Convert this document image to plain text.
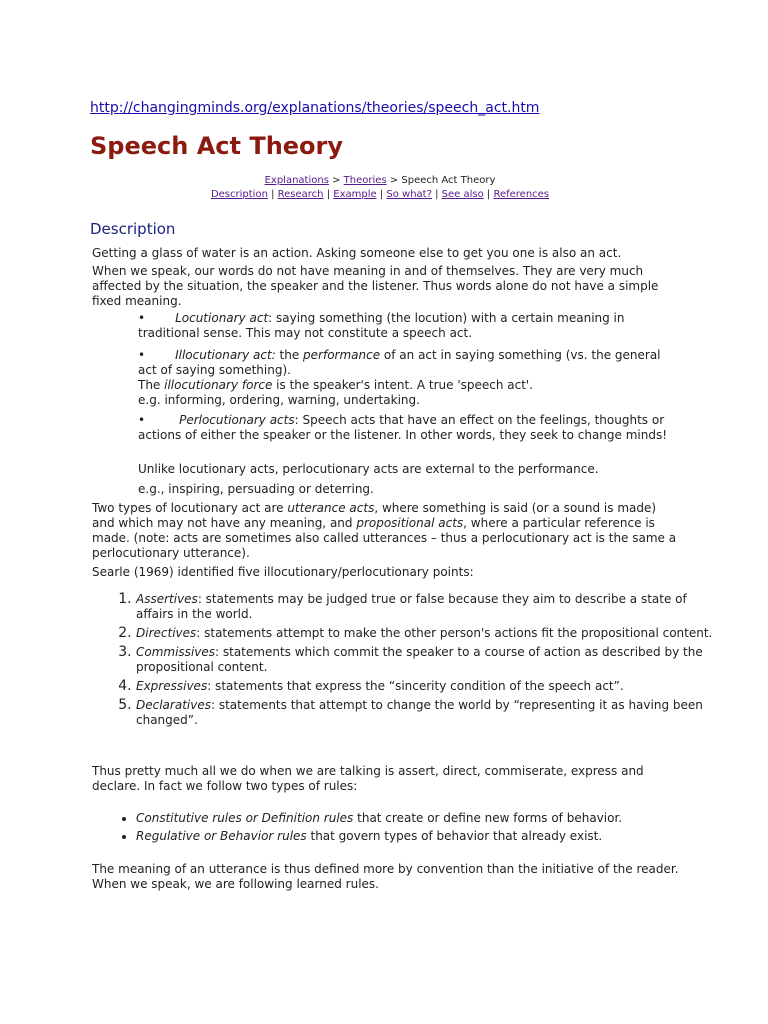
http://changingminds.org/explanations/theories/speech_act.htm
Speech Act Theory
Explanations > Theories > Speech Act Theory
Description | Research | Example | So what? | See also | References
Description

Getting a glass of water is an action. Asking someone else to get you one is also an act.

When we speak, our words do not have meaning in and of themselves. They are very much affected by the situation, the speaker and the listener. Thus words alone do not have a simple fixed meaning.

•	Locutionary act: saying something (the locution) with a certain meaning in traditional sense. This may not constitute a speech act.
•	Illocutionary act: the performance of an act in saying something (vs. the general act of saying something).
The illocutionary force is the speaker's intent. A true 'speech act'.
e.g. informing, ordering, warning, undertaking.
•	Perlocutionary acts: Speech acts that have an effect on the feelings, thoughts or actions of either the speaker or the listener. In other words, they seek to change minds!
Unlike locutionary acts, perlocutionary acts are external to the performance.
e.g., inspiring, persuading or deterring.

Two types of locutionary act are utterance acts, where something is said (or a sound is made) and which may not have any meaning, and propositional acts, where a particular reference is made. (note: acts are sometimes also called utterances – thus a perlocutionary act is the same a perlocutionary utterance).

Searle (1969) identified five illocutionary/perlocutionary points:

1. Assertives: statements may be judged true or false because they aim to describe a state of affairs in the world.
2. Directives: statements attempt to make the other person's actions fit the propositional content.
3. Commissives: statements which commit the speaker to a course of action as described by the propositional content.
4. Expressives: statements that express the “sincerity condition of the speech act”.
5. Declaratives: statements that attempt to change the world by “representing it as having been changed”.

Thus pretty much all we do when we are talking is assert, direct, commiserate, express and declare. In fact we follow two types of rules:

• Constitutive rules or Definition rules that create or define new forms of behavior.
• Regulative or Behavior rules that govern types of behavior that already exist.

The meaning of an utterance is thus defined more by convention than the initiative of the reader. When we speak, we are following learned rules.
